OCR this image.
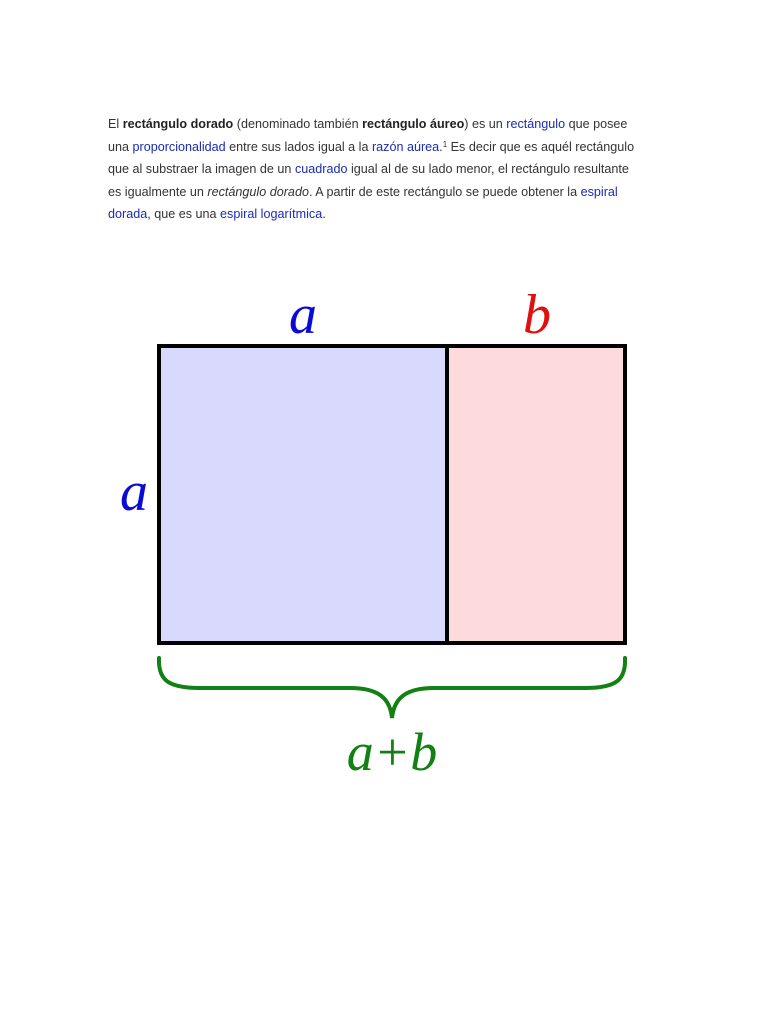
El rectángulo dorado (denominado también rectángulo áureo) es un rectángulo que posee
una proporcionalidad entre sus lados igual a la razón aúrea.$^1$ Es decir que es aquél rectángulo
que al substraer la imagen de un cuadrado igual al de su lado menor, el rectángulo resultante
es igualmente un rectángulo dorado. A partir de este rectángulo se puede obtener la espiral
dorada, que es una espiral logarítmica.
a	b
a
a+b
